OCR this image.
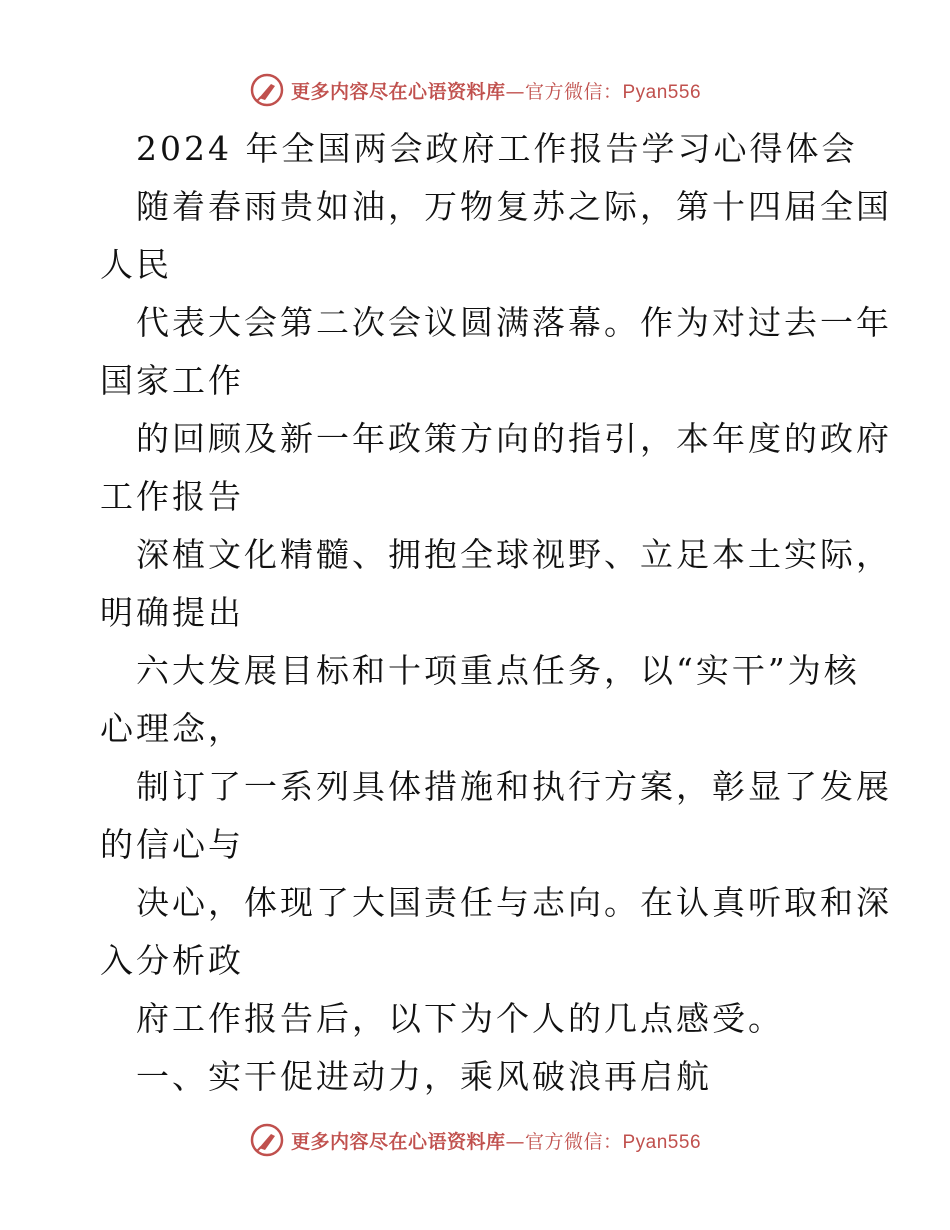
更多内容尽在心语资料库—官方微信：Pyan556
2024 年全国两会政府工作报告学习心得体会
随着春雨贵如油，万物复苏之际，第十四届全国
人民
代表大会第二次会议圆满落幕。作为对过去一年
国家工作
的回顾及新一年政策方向的指引，本年度的政府
工作报告
深植文化精髓、拥抱全球视野、立足本土实际，
明确提出
六大发展目标和十项重点任务，以“实干”为核
心理念，
制订了一系列具体措施和执行方案，彰显了发展
的信心与
决心，体现了大国责任与志向。在认真听取和深
入分析政
府工作报告后，以下为个人的几点感受。
一、实干促进动力，乘风破浪再启航
更多内容尽在心语资料库—官方微信：Pyan556
